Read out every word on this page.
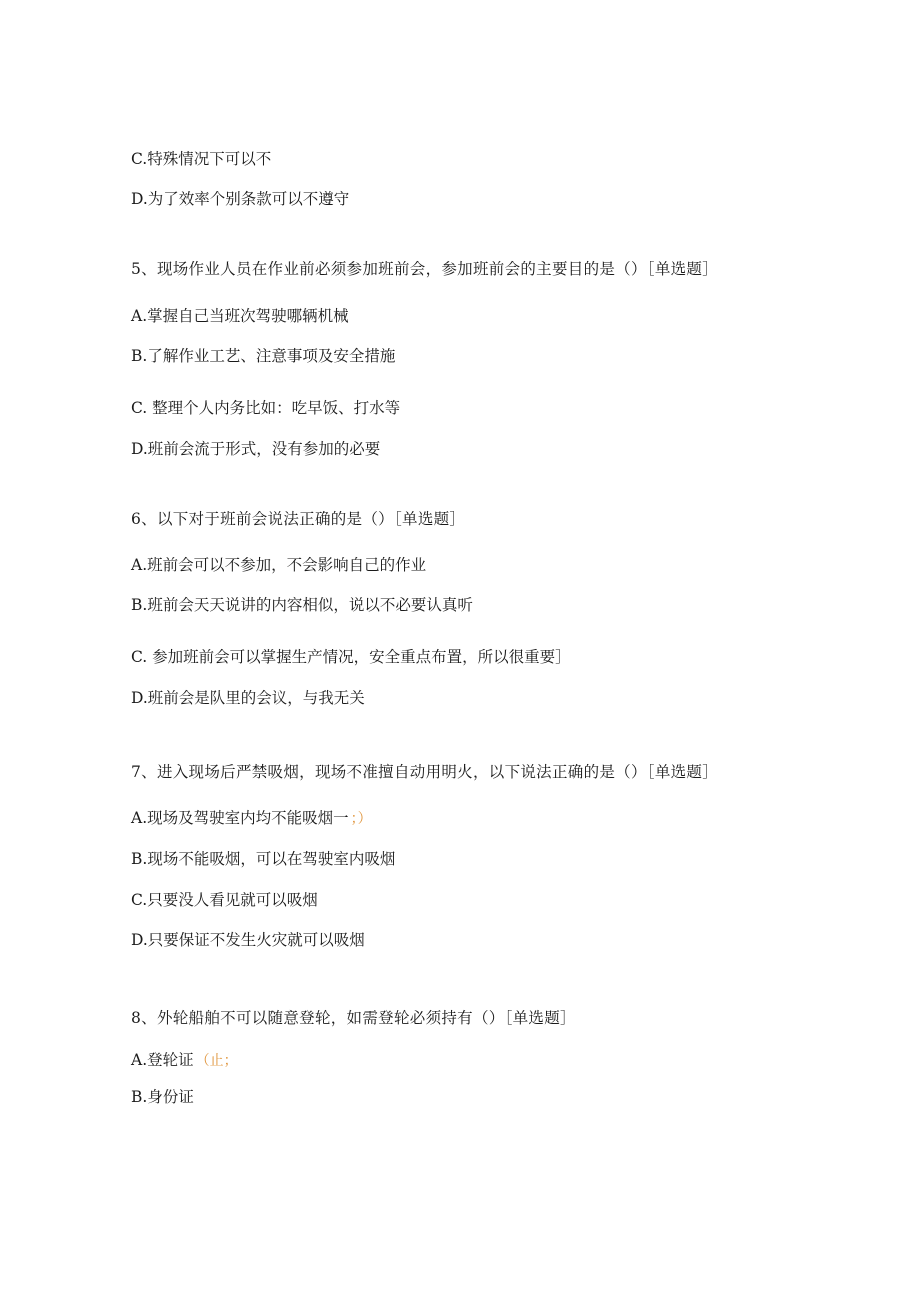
C.特殊情况下可以不
D.为了效率个别条款可以不遵守
5、现场作业人员在作业前必须参加班前会，参加班前会的主要目的是（）［单选题］
A.掌握自己当班次驾驶哪辆机械
B.了解作业工艺、注意事项及安全措施
C. 整理个人内务比如：吃早饭、打水等
D.班前会流于形式，没有参加的必要
6、以下对于班前会说法正确的是（）［单选题］
A.班前会可以不参加，不会影响自己的作业
B.班前会天天说讲的内容相似，说以不必要认真听
C. 参加班前会可以掌握生产情况，安全重点布置，所以很重要］
D.班前会是队里的会议，与我无关
7、进入现场后严禁吸烟，现场不准擅自动用明火，以下说法正确的是（）［单选题］
A.现场及驾驶室内均不能吸烟一 ；）
B.现场不能吸烟，可以在驾驶室内吸烟
C.只要没人看见就可以吸烟
D.只要保证不发生火灾就可以吸烟
8、外轮船舶不可以随意登轮，如需登轮必须持有（）［单选题］
A.登轮证 （止；
B.身份证
